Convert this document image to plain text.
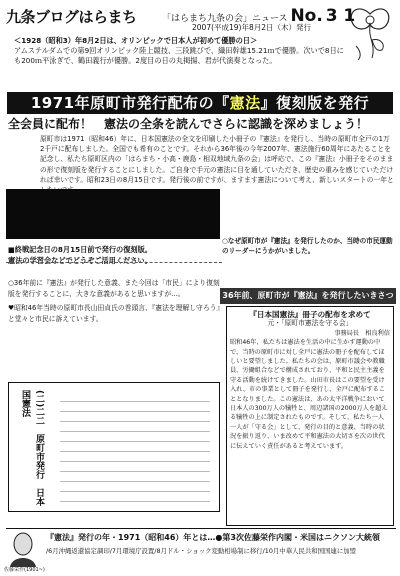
九条ブログはらまち	「はらまち九条の会」ニュース No. 3 1
2007(平成19)年8月2日（木）発行
＜1928（昭和3）年8月2日は、オリンピックで日本人が初めて優勝の日＞
アムステルダムでの第9回オリンピック陸上競技、三段跳びで、織田幹雄15.21ｍで優勝。次いで8日にも200ｍ平泳ぎで、鶴田義行が優勝。2度目の日の丸掲揚、君が代演奏となった。
1971年原町市発行配布の『憲法』復刻版を発行
全会員に配布！　憲法の全条を読んでさらに認識を深めましょう！
原町市は1971（昭和46）年に、日本国憲法の全文を印刷した小冊子の『憲法』を発行し、当時の原町市全戸の1万2千戸に配布しました。全国でも希有のことです。それから36年後の今年2007年、憲法施行60周年にあたることを記念し、私たち原町区内の「はらまち・小高・鹿島・相双地域九条の会」は呼応で、この『憲法』小冊子をそのままの形で復刻版を発行することにしました。ご自身で手元の憲法に目を通していただき、歴史の重みを感じていただければ幸いです。昭和23日の8月15日です。発行後の前ですが、ますます憲法について考え、新しいスタートの一年と
■終戦記念日の8月15日前で発行の復刻版。
憲法の学習会などでどうぞご活用ください。
○36年前に『憲法』が発行した意義、また今回は「市民」により復刻版を発行することに、大きな意義があると思いますが…。
♥昭和46年当時の原町市長山田貞氏の巻頭言、『憲法を理解し守ろう』と堂々と市民に訴えています。
○なぜ原町市が『憲法』を発行したのか、当時の市民運動のリーダーにうかがいました。
36年前、原町市が『憲法』を発行したいきさつ
『日本国憲法』冊子の配布を求めて
元・「原町市憲法を守る会」
事務局長　相良利信
昭和46年、私たちは憲法を生活の中に生かす運動の中で、当時の原町市に対し全戸に憲法の冊子を配布してほしいと要望しました。私たちの会は、原町市議会や教職員、労働組合などで構成されており、平和と民主主義を守る活動を続けてきました。山田市長はこの要望を受け入れ、市の事業として冊子を発行し、全戸に配布することとなりました。この憲法は、あの太平洋戦争において日本人の300万人の犠牲と、周辺諸国の2000万人を超える犠牲の上に制定されたものです。そして、私たち一人一人が「守る会」として、発行の目的と意義、当時の状況を振り返り、いま改めて平和憲法の大切さを次の世代に伝えていく責任があると考えています。
(二)二二　原町市発行　日本国憲法
『憲法』発行の年・1971（昭和46）年とは…●第3次佐藤栄作内閣・米国はニクソン大統領
/6月沖縄返還協定調印/7月環境庁設置/8月ドル・ショック変動相場制に移行/10月中華人民共和国国連に加盟
佐藤栄作(1901~)
